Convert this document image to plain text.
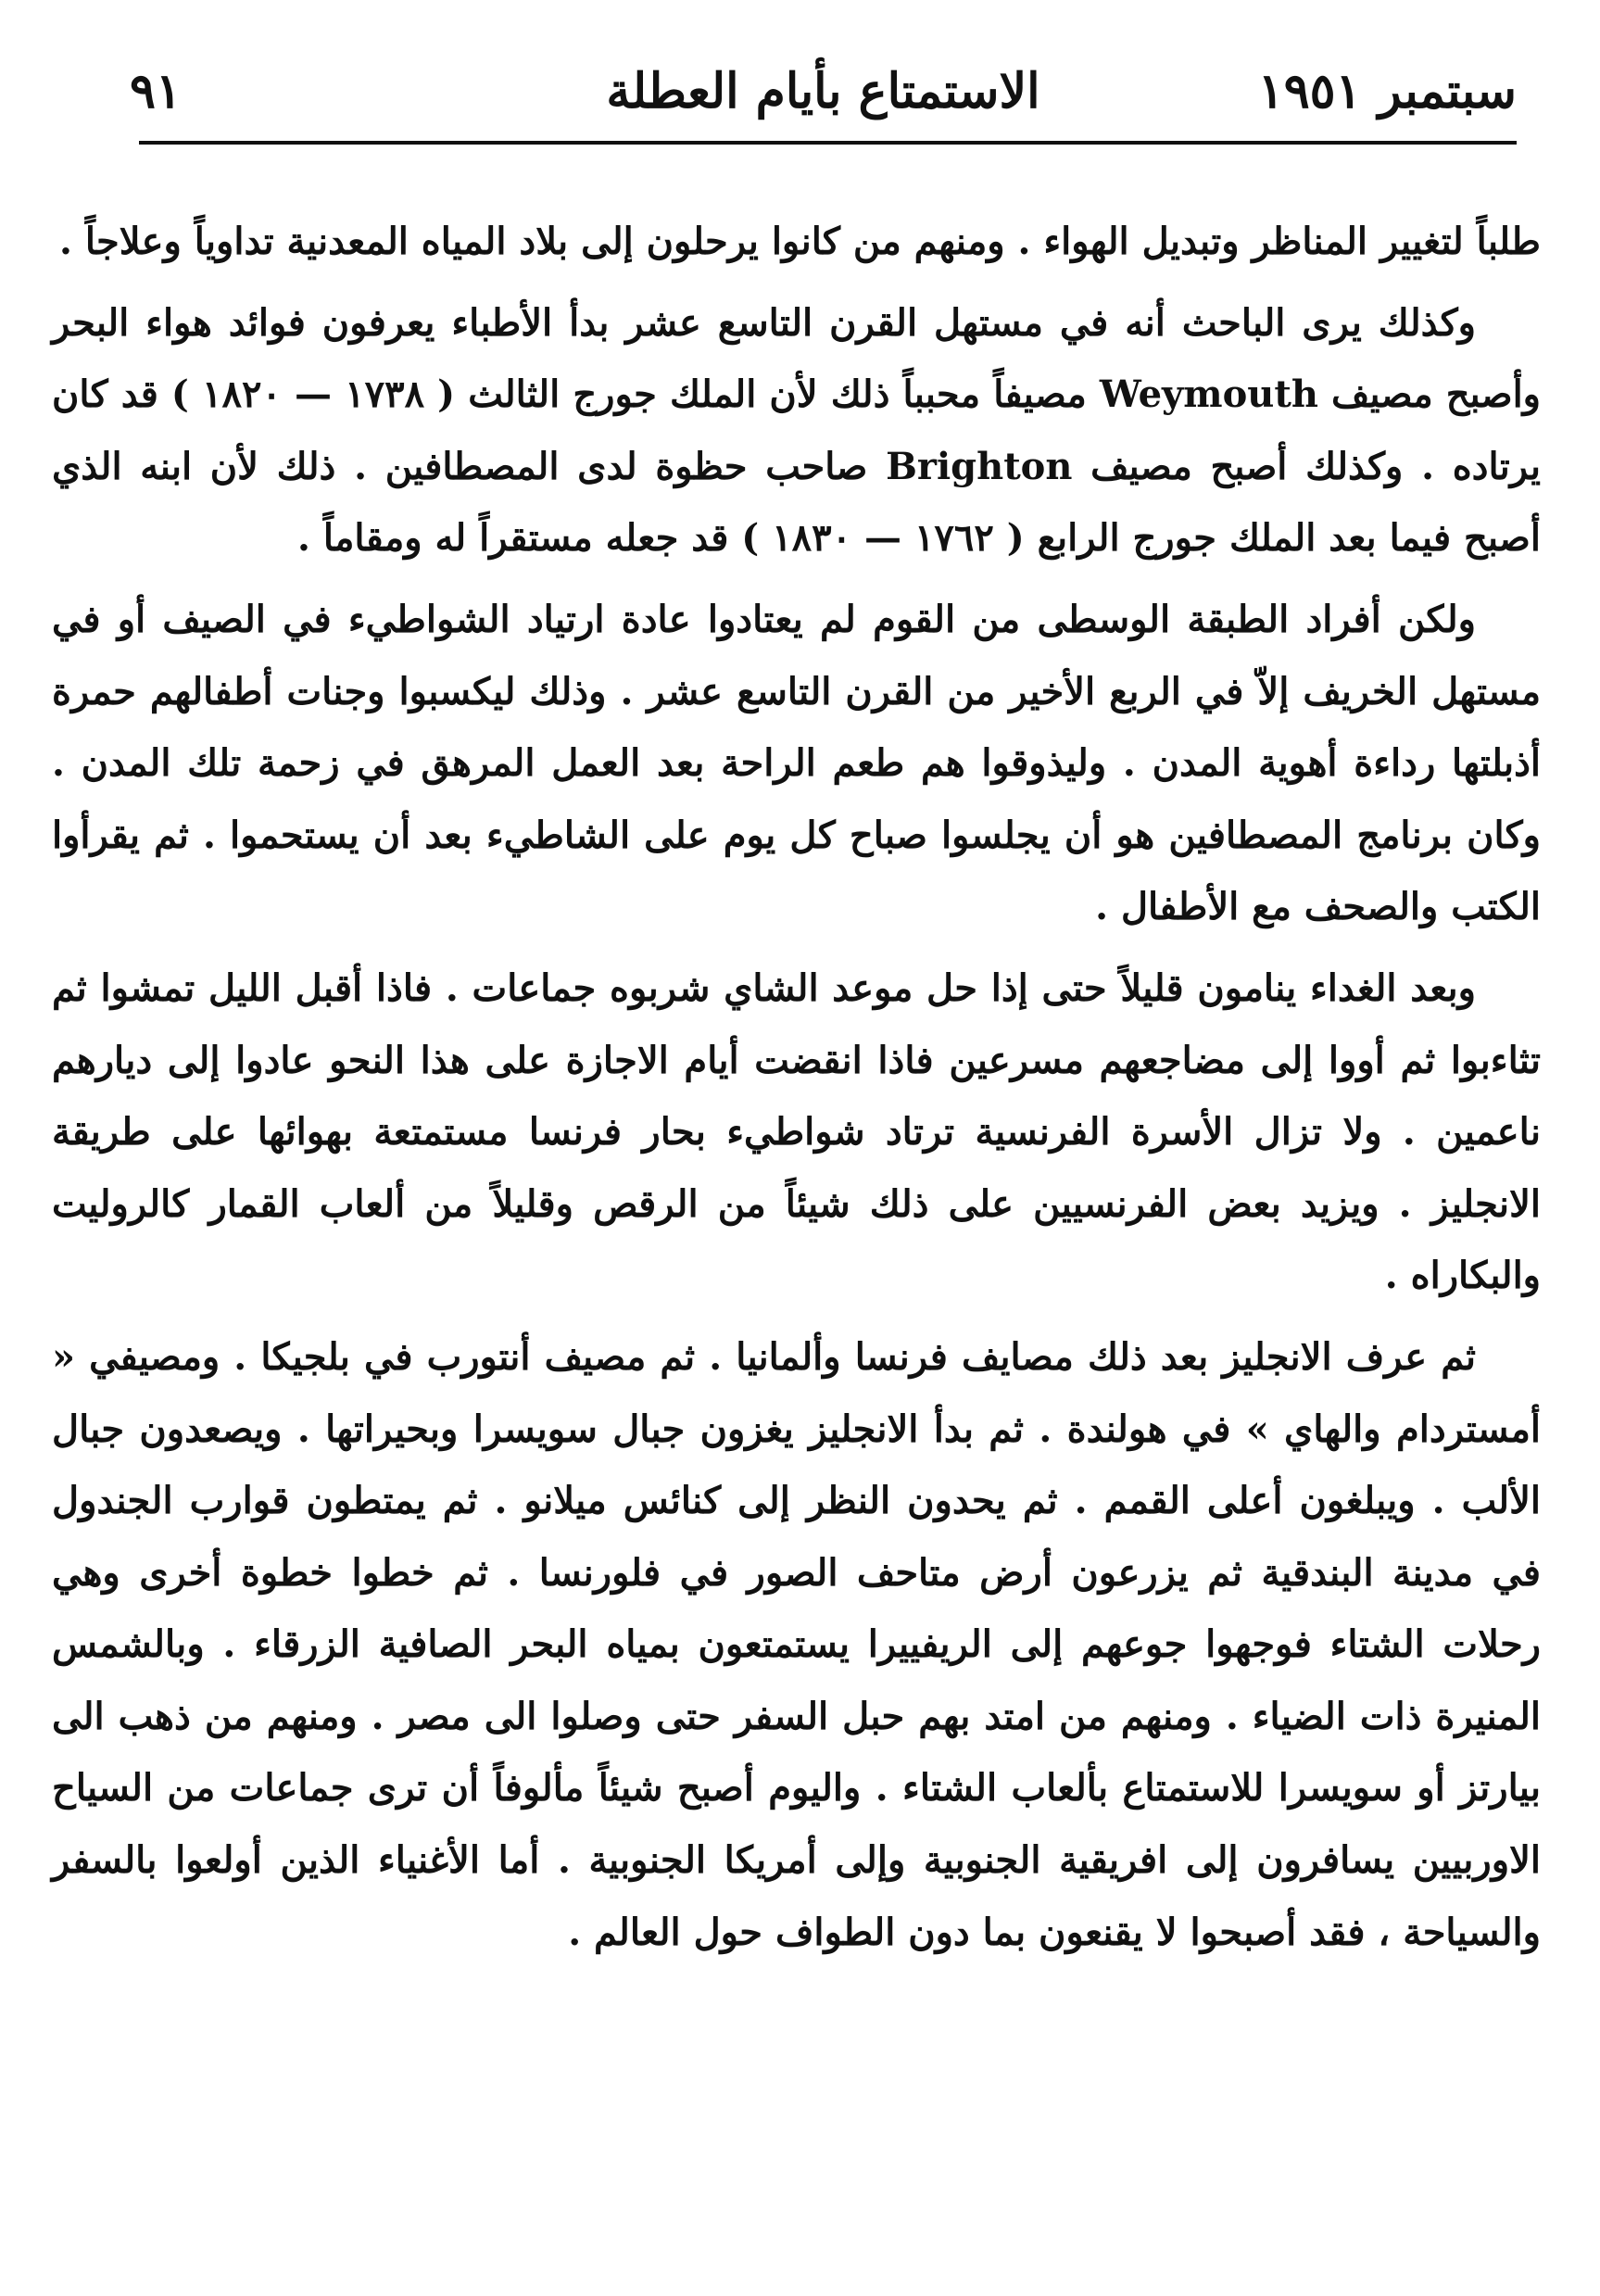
سبتمبر ١٩٥١
الاستمتاع بأيام العطلة
٩١

طلباً لتغيير المناظر وتبديل الهواء . ومنهم من كانوا يرحلون إلى بلاد المياه المعدنية تداوياً وعلاجاً .

وكذلك يرى الباحث أنه في مستهل القرن التاسع عشر بدأ الأطباء يعرفون فوائد هواء البحر وأصبح مصيف Weymouth مصيفاً محبباً ذلك لأن الملك جورج الثالث ( ١٧٣٨ — ١٨٢٠ ) قد كان يرتاده . وكذلك أصبح مصيف Brighton صاحب حظوة لدى المصطافين . ذلك لأن ابنه الذي أصبح فيما بعد الملك جورج الرابع ( ١٧٦٢ — ١٨٣٠ ) قد جعله مستقراً له ومقاماً .

ولكن أفراد الطبقة الوسطى من القوم لم يعتادوا عادة ارتياد الشواطيء في الصيف أو في مستهل الخريف إلاّ في الربع الأخير من القرن التاسع عشر . وذلك ليكسبوا وجنات أطفالهم حمرة أذبلتها رداءة أهوية المدن . وليذوقوا هم طعم الراحة بعد العمل المرهق في زحمة تلك المدن . وكان برنامج المصطافين هو أن يجلسوا صباح كل يوم على الشاطيء بعد أن يستحموا . ثم يقرأوا الكتب والصحف مع الأطفال .

وبعد الغداء ينامون قليلاً حتى إذا حل موعد الشاي شربوه جماعات . فاذا أقبل الليل تمشوا ثم تثاءبوا ثم أووا إلى مضاجعهم مسرعين فاذا انقضت أيام الاجازة على هذا النحو عادوا إلى ديارهم ناعمين . ولا تزال الأسرة الفرنسية ترتاد شواطيء بحار فرنسا مستمتعة بهوائها على طريقة الانجليز . ويزيد بعض الفرنسيين على ذلك شيئاً من الرقص وقليلاً من ألعاب القمار كالروليت والبكاراه .

ثم عرف الانجليز بعد ذلك مصايف فرنسا وألمانيا . ثم مصيف أنتورب في بلجيكا . ومصيفي « أمستردام والهاي » في هولندة . ثم بدأ الانجليز يغزون جبال سويسرا وبحيراتها . ويصعدون جبال الألب . ويبلغون أعلى القمم . ثم يحدون النظر إلى كنائس ميلانو . ثم يمتطون قوارب الجندول في مدينة البندقية ثم يزرعون أرض متاحف الصور في فلورنسا . ثم خطوا خطوة أخرى وهي رحلات الشتاء فوجهوا جوعهم إلى الريفييرا يستمتعون بمياه البحر الصافية الزرقاء . وبالشمس المنيرة ذات الضياء . ومنهم من امتد بهم حبل السفر حتى وصلوا الى مصر . ومنهم من ذهب الى بيارتز أو سويسرا للاستمتاع بألعاب الشتاء . واليوم أصبح شيئاً مألوفاً أن ترى جماعات من السياح الاوربيين يسافرون إلى افريقية الجنوبية وإلى أمريكا الجنوبية . أما الأغنياء الذين أولعوا بالسفر والسياحة ، فقد أصبحوا لا يقنعون بما دون الطواف حول العالم .
